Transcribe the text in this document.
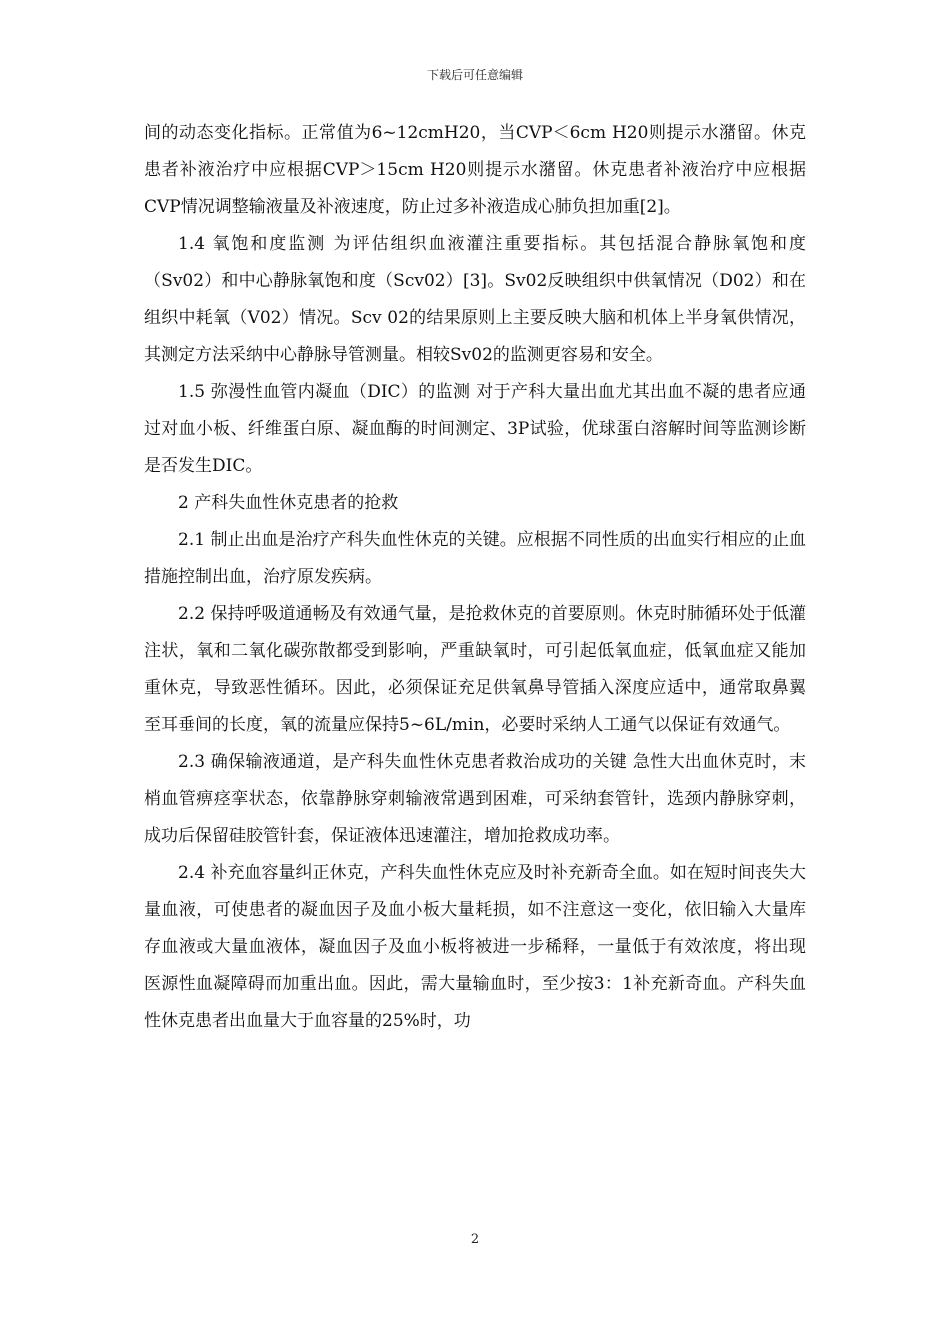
下载后可任意编辑

间的动态变化指标。正常值为6~12cmH20，当CVP＜6cm H20则提示水潴留。休克患者补液治疗中应根据CVP＞15cm H20则提示水潴留。休克患者补液治疗中应根据CVP情况调整输液量及补液速度，防止过多补液造成心肺负担加重[2]。

1.4 氧饱和度监测 为评估组织血液灌注重要指标。其包括混合静脉氧饱和度（Sv02）和中心静脉氧饱和度（Scv02）[3]。Sv02反映组织中供氧情况（D02）和在组织中耗氧（V02）情况。Scv 02的结果原则上主要反映大脑和机体上半身氧供情况，其测定方法采纳中心静脉导管测量。相较Sv02的监测更容易和安全。

1.5 弥漫性血管内凝血（DIC）的监测 对于产科大量出血尤其出血不凝的患者应通过对血小板、纤维蛋白原、凝血酶的时间测定、3P试验，优球蛋白溶解时间等监测诊断是否发生DIC。

2 产科失血性休克患者的抢救

2.1 制止出血是治疗产科失血性休克的关键。应根据不同性质的出血实行相应的止血措施控制出血，治疗原发疾病。

2.2 保持呼吸道通畅及有效通气量，是抢救休克的首要原则。休克时肺循环处于低灌注状，氧和二氧化碳弥散都受到影响，严重缺氧时，可引起低氧血症，低氧血症又能加重休克，导致恶性循环。因此，必须保证充足供氧鼻导管插入深度应适中，通常取鼻翼至耳垂间的长度，氧的流量应保持5~6L/min，必要时采纳人工通气以保证有效通气。

2.3 确保输液通道，是产科失血性休克患者救治成功的关键 急性大出血休克时，末梢血管痹痉挛状态，依靠静脉穿刺输液常遇到困难，可采纳套管针，选颈内静脉穿刺，成功后保留硅胶管针套，保证液体迅速灌注，增加抢救成功率。

2.4 补充血容量纠正休克，产科失血性休克应及时补充新奇全血。如在短时间丧失大量血液，可使患者的凝血因子及血小板大量耗损，如不注意这一变化，依旧输入大量库存血液或大量血液体，凝血因子及血小板将被进一步稀释，一量低于有效浓度，将出现医源性血凝障碍而加重出血。因此，需大量输血时，至少按3：1补充新奇血。产科失血性休克患者出血量大于血容量的25%时，功

2
